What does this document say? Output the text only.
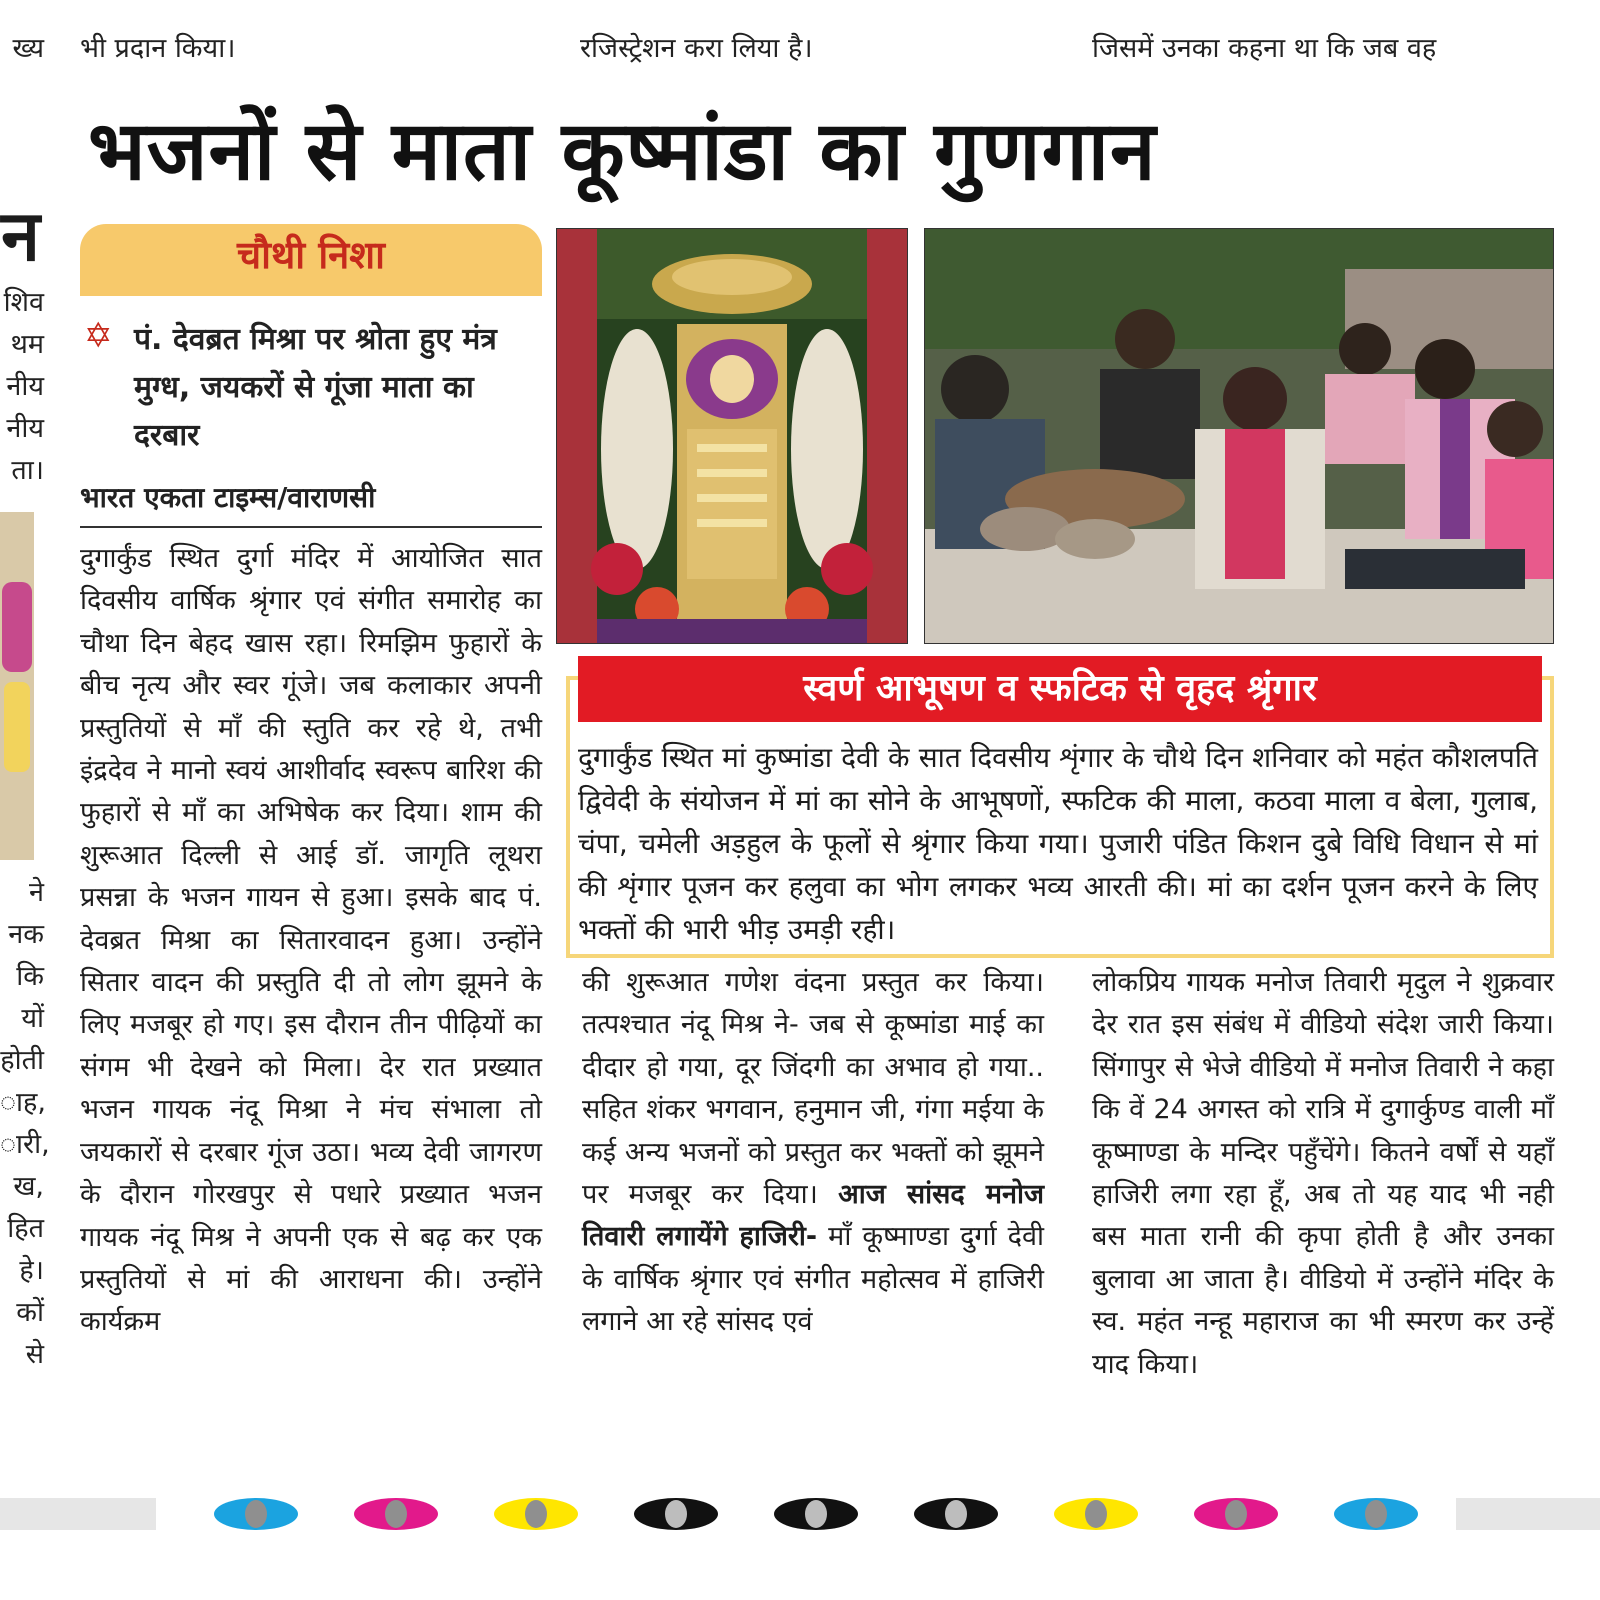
ख्य भी प्रदान किया।	रजिस्ट्रेशन करा लिया है।	जिसमें उनका कहना था कि जब वह
भजनों से माता कूष्मांडा का गुणगान
न
शिव
थम
नीय
नीय
ता।
ने
नक
कि
यों
होती
ाह,
ारी,
ख,
हित
हे।
कों
से
चौथी निशा
✡ पं. देवब्रत मिश्रा पर श्रोता हुए मंत्र मुग्ध, जयकरों से गूंजा माता का दरबार
भारत एकता टाइम्स/वाराणसी
दुगार्कुंड स्थित दुर्गा मंदिर में आयोजित सात दिवसीय वार्षिक श्रृंगार एवं संगीत समारोह का चौथा दिन बेहद खास रहा। रिमझिम फुहारों के बीच नृत्य और स्वर गूंजे। जब कलाकार अपनी प्रस्तुतियों से माँ की स्तुति कर रहे थे, तभी इंद्रदेव ने मानो स्वयं आशीर्वाद स्वरूप बारिश की फुहारों से माँ का अभिषेक कर दिया। शाम की शुरूआत दिल्ली से आई डॉ. जागृति लूथरा प्रसन्ना के भजन गायन से हुआ। इसके बाद पं. देवब्रत मिश्रा का सितारवादन हुआ। उन्होंने सितार वादन की प्रस्तुति दी तो लोग झूमने के लिए मजबूर हो गए। इस दौरान तीन पीढ़ियों का संगम भी देखने को मिला। देर रात प्रख्यात भजन गायक नंदू मिश्रा ने मंच संभाला तो जयकारों से दरबार गूंज उठा। भव्य देवी जागरण के दौरान गोरखपुर से पधारे प्रख्यात भजन गायक नंदू मिश्र ने अपनी एक से बढ़ कर एक प्रस्तुतियों से मां की आराधना की। उन्होंने कार्यक्रम
स्वर्ण आभूषण व स्फटिक से वृहद श्रृंगार
दुगार्कुंड स्थित मां कुष्मांडा देवी के सात दिवसीय शृंगार के चौथे दिन शनिवार को महंत कौशलपति द्विवेदी के संयोजन में मां का सोने के आभूषणों, स्फटिक की माला, कठवा माला व बेला, गुलाब, चंपा, चमेली अड़हुल के फूलों से श्रृंगार किया गया। पुजारी पंडित किशन दुबे विधि विधान से मां की शृंगार पूजन कर हलुवा का भोग लगकर भव्य आरती की। मां का दर्शन पूजन करने के लिए भक्तों की भारी भीड़ उमड़ी रही।
की शुरूआत गणेश वंदना प्रस्तुत कर किया। तत्पश्चात नंदू मिश्र ने- जब से कूष्मांडा माई का दीदार हो गया, दूर जिंदगी का अभाव हो गया.. सहित शंकर भगवान, हनुमान जी, गंगा मईया के कई अन्य भजनों को प्रस्तुत कर भक्तों को झूमने पर मजबूर कर दिया। आज सांसद मनोज तिवारी लगायेंगे हाजिरी- माँ कूष्माण्डा दुर्गा देवी के वार्षिक श्रृंगार एवं संगीत महोत्सव में हाजिरी लगाने आ रहे सांसद एवं
लोकप्रिय गायक मनोज तिवारी मृदुल ने शुक्रवार देर रात इस संबंध में वीडियो संदेश जारी किया। सिंगापुर से भेजे वीडियो में मनोज तिवारी ने कहा कि वें 24 अगस्त को रात्रि में दुगार्कुण्ड वाली माँ कूष्माण्डा के मन्दिर पहुँचेंगे। कितने वर्षों से यहाँ हाजिरी लगा रहा हूँ, अब तो यह याद भी नही बस माता रानी की कृपा होती है और उनका बुलावा आ जाता है। वीडियो में उन्होंने मंदिर के स्व. महंत नन्हू महाराज का भी स्मरण कर उन्हें याद किया।
